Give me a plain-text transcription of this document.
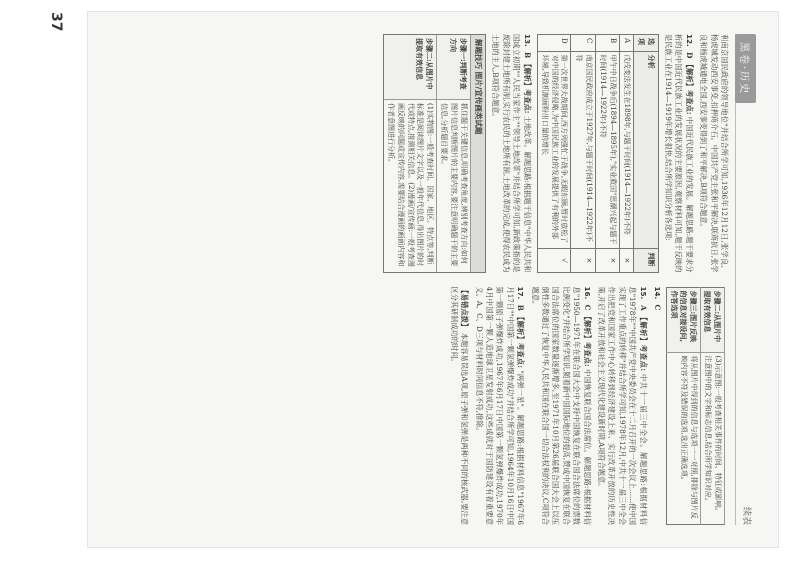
黑卷·历史
续表

利南京国民政府的领导地位"并结合所学可知,1936年12月12日,张学良、杨虎城发动西安事变,扣押蒋介石。中国共产党主张和平解决,联蒋抗日,张学良和杨虎城通电全国,西安事变得到了和平解决,B项符合题意。

12. D 【解析】考查点: 中国近代民族工业的发展。解题思路:题干要求分析的是中国近代民族工业的发展状况的主要原因,观察材料可知,题干反映的是民族工业在1914—1919年增长很快,结合所学知识分析各选项:

选项	分析	判断
A	戊戌变法发生在1898年,与题干时间(1914—1922年)不符	×
B	甲午中日战争后(1894—1895年),"实业救国"思潮兴起与题干时间(1914—1922年)不符	×
C	南京国民政府成立于1927年,与题干时间(1914—1922年)不符	×
D	第一次世界大战期间,西方列强忙于战争,无暇东顾,暂时放松了对中国的经济侵略,为中国民族工业的发展提供了有利的外部环境,导致机制面粉出口量的增长	√

13. B 【解析】考查点: 土地改革。解题思路:根据题干信息"中华人民共和国成立初期""人民当家作主""领导土地改革"并结合所学可知,新政策指的是废除封建土地所有制,实行农民的土地所有制,土地改革的完成,使得农民成为土地的主人,B项符合题意。

解题技巧 图片/宣传画类试题
步骤一:判断考查方向	抓住题干关键信息,明确考查角度,辨别考查方向:如何图片信息判断图片的主要内容,要注意明确题干的主要信息,分析题目要求。
步骤二:从图片中提取有效信息	(1)实物图:一般考查时间、国家、地区、特点等,判断标准是阅读图片文字以及一般年代信息,得出图片的时代或特点,推测相关信息。(2)漫画/宣传画:一般考查漫画反映的问题或宣传内容,需要结合漫画的画面内容和作者意图进行分析。
步骤二:从图片中提取有效信息	(3)示意图:一般考查相关事件的时间、特征或影响。注意图中的文字和标志信息,结合所学知识对应。
步骤三:图片反映的信息对接设问,作答选项	将从图片中得到的信息与选项一一对照,排除与图片反映内容不符及错误的选项,选出正确选项。

14. C

15. A 【解析】考查点: 中共十一届三中全会。解题思路:根据材料信息"1978年""中国共产党中央委员会在十二月召开的一次会议上……使中国实现了工作重点的转移"并结合所学可知,1978年12月,中共十一届三中全会作出把党和国家工作中心转移到经济建设上来、实行改革开放的历史性决策,开启了改革开放和社会主义现代化建设新时期,A项符合题意。

16. C 【解析】考查点: 中国恢复联合国合法席位。解题思路:根据材料信息"1950—1971年在联合国大会中支持中国恢复在联合国合法席位的票数比例变化"并结合所学知识,随着新中国国际地位的提高,赞成中国恢复在联合国合法席位的国家数量逐渐增多,至1971年10月第26届联合国大会上以压倒性多数通过了恢复中华人民共和国在联合国一切合法权利的决议,C项符合题意。

17. B 【解析】考查点: "两弹一星"。解题思路:根据材料信息"1967年6月17日""中国第一颗氢弹爆炸成功"并结合所学可知,1964年10月16日中国第一颗原子弹爆炸成功,1967年6月17日中国第一颗氢弹爆炸成功,1970年4月中国第一颗人造地球卫星发射成功,这些成就对于国防建设有着重要意义。A、C、D三项与材料时间信息不符,排除。

【易错点拨】 本题容易误选A项,原子弹和氢弹是两种不同的核武器,要注意区分其研制成功的时间。

37
